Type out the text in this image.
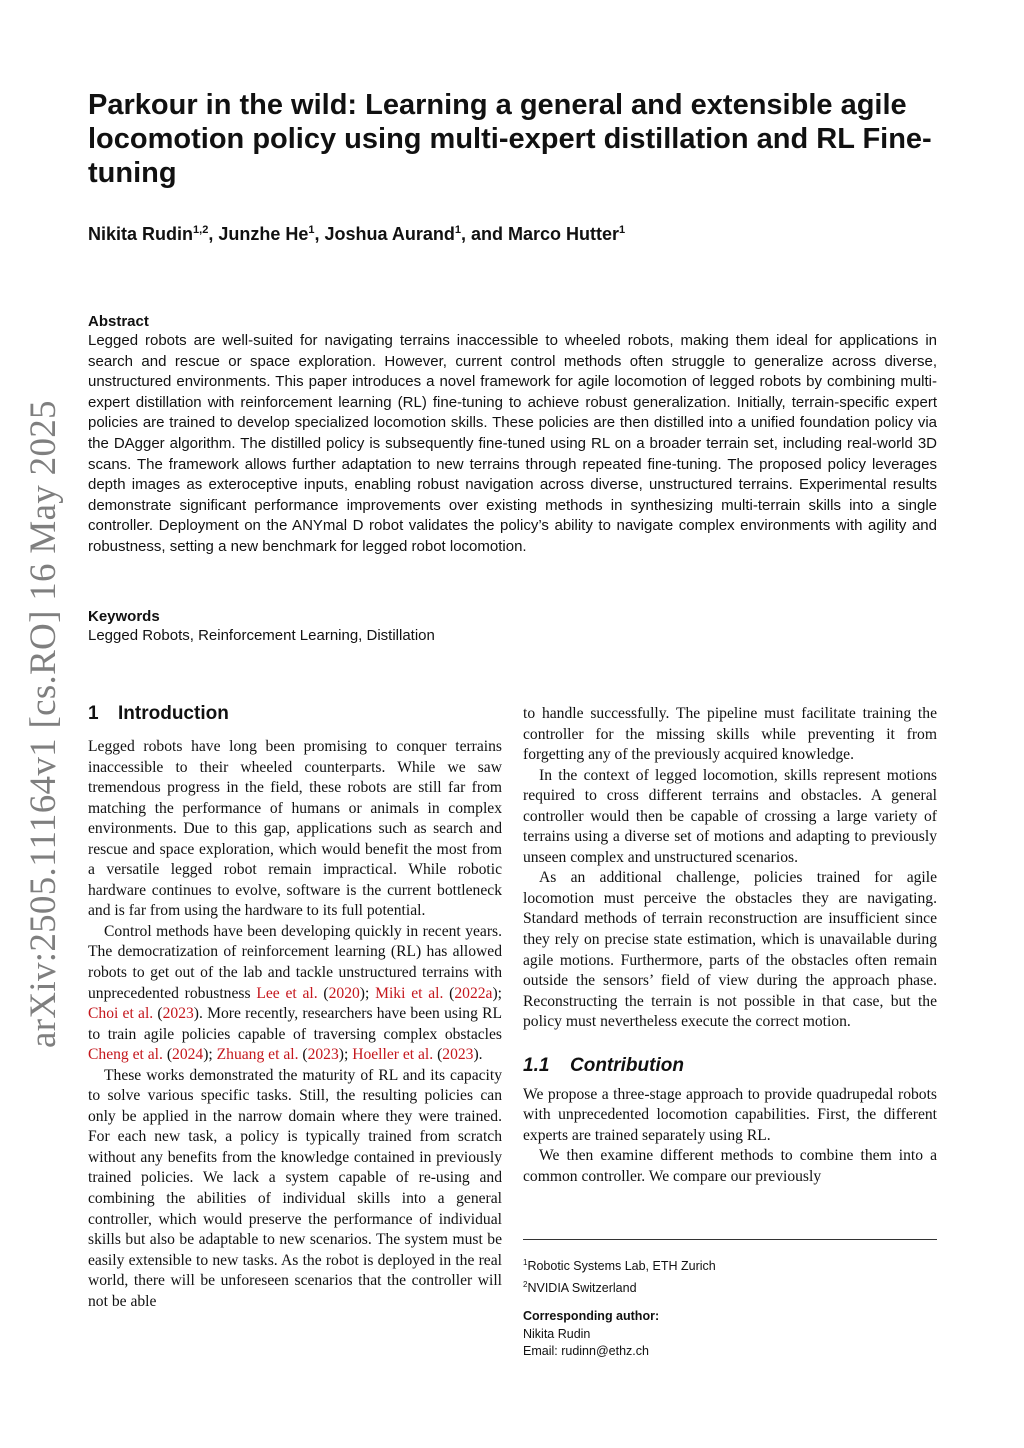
arXiv:2505.11164v1 [cs.RO] 16 May 2025
Parkour in the wild: Learning a general and extensible agile locomotion policy using multi-expert distillation and RL Fine-tuning
Nikita Rudin$^{1,2}$, Junzhe He$^1$, Joshua Aurand$^1$, and Marco Hutter$^1$
Abstract

Legged robots are well-suited for navigating terrains inaccessible to wheeled robots, making them ideal for applications in search and rescue or space exploration. However, current control methods often struggle to generalize across diverse, unstructured environments. This paper introduces a novel framework for agile locomotion of legged robots by combining multi-expert distillation with reinforcement learning (RL) fine-tuning to achieve robust generalization. Initially, terrain-specific expert policies are trained to develop specialized locomotion skills. These policies are then distilled into a unified foundation policy via the DAgger algorithm. The distilled policy is subsequently fine-tuned using RL on a broader terrain set, including real-world 3D scans. The framework allows further adaptation to new terrains through repeated fine-tuning. The proposed policy leverages depth images as exteroceptive inputs, enabling robust navigation across diverse, unstructured terrains. Experimental results demonstrate significant performance improvements over existing methods in synthesizing multi-terrain skills into a single controller. Deployment on the ANYmal D robot validates the policy’s ability to navigate complex environments with agility and robustness, setting a new benchmark for legged robot locomotion.

Keywords

Legged Robots, Reinforcement Learning, Distillation

1 Introduction

Legged robots have long been promising to conquer terrains inaccessible to their wheeled counterparts. While we saw tremendous progress in the field, these robots are still far from matching the performance of humans or animals in complex environments. Due to this gap, applications such as search and rescue and space exploration, which would benefit the most from a versatile legged robot remain impractical. While robotic hardware continues to evolve, software is the current bottleneck and is far from using the hardware to its full potential.

Control methods have been developing quickly in recent years. The democratization of reinforcement learning (RL) has allowed robots to get out of the lab and tackle unstructured terrains with unprecedented robustness Lee et al. (2020); Miki et al. (2022a); Choi et al. (2023). More recently, researchers have been using RL to train agile policies capable of traversing complex obstacles Cheng et al. (2024); Zhuang et al. (2023); Hoeller et al. (2023).

These works demonstrated the maturity of RL and its capacity to solve various specific tasks. Still, the resulting policies can only be applied in the narrow domain where they were trained. For each new task, a policy is typically trained from scratch without any benefits from the knowledge contained in previously trained policies. We lack a system capable of re-using and combining the abilities of individual skills into a general controller, which would preserve the performance of individual skills but also be adaptable to new scenarios. The system must be easily extensible to new tasks. As the robot is deployed in the real world, there will be unforeseen scenarios that the controller will not be able

to handle successfully. The pipeline must facilitate training the controller for the missing skills while preventing it from forgetting any of the previously acquired knowledge.

In the context of legged locomotion, skills represent motions required to cross different terrains and obstacles. A general controller would then be capable of crossing a large variety of terrains using a diverse set of motions and adapting to previously unseen complex and unstructured scenarios.

As an additional challenge, policies trained for agile locomotion must perceive the obstacles they are navigating. Standard methods of terrain reconstruction are insufficient since they rely on precise state estimation, which is unavailable during agile motions. Furthermore, parts of the obstacles often remain outside the sensors’ field of view during the approach phase. Reconstructing the terrain is not possible in that case, but the policy must nevertheless execute the correct motion.

1.1 Contribution

We propose a three-stage approach to provide quadrupedal robots with unprecedented locomotion capabilities. First, the different experts are trained separately using RL.

We then examine different methods to combine them into a common controller. We compare our previously

$^1$Robotic Systems Lab, ETH Zurich
$^2$NVIDIA Switzerland
Corresponding author:
Nikita Rudin
Email: rudinn@ethz.ch
